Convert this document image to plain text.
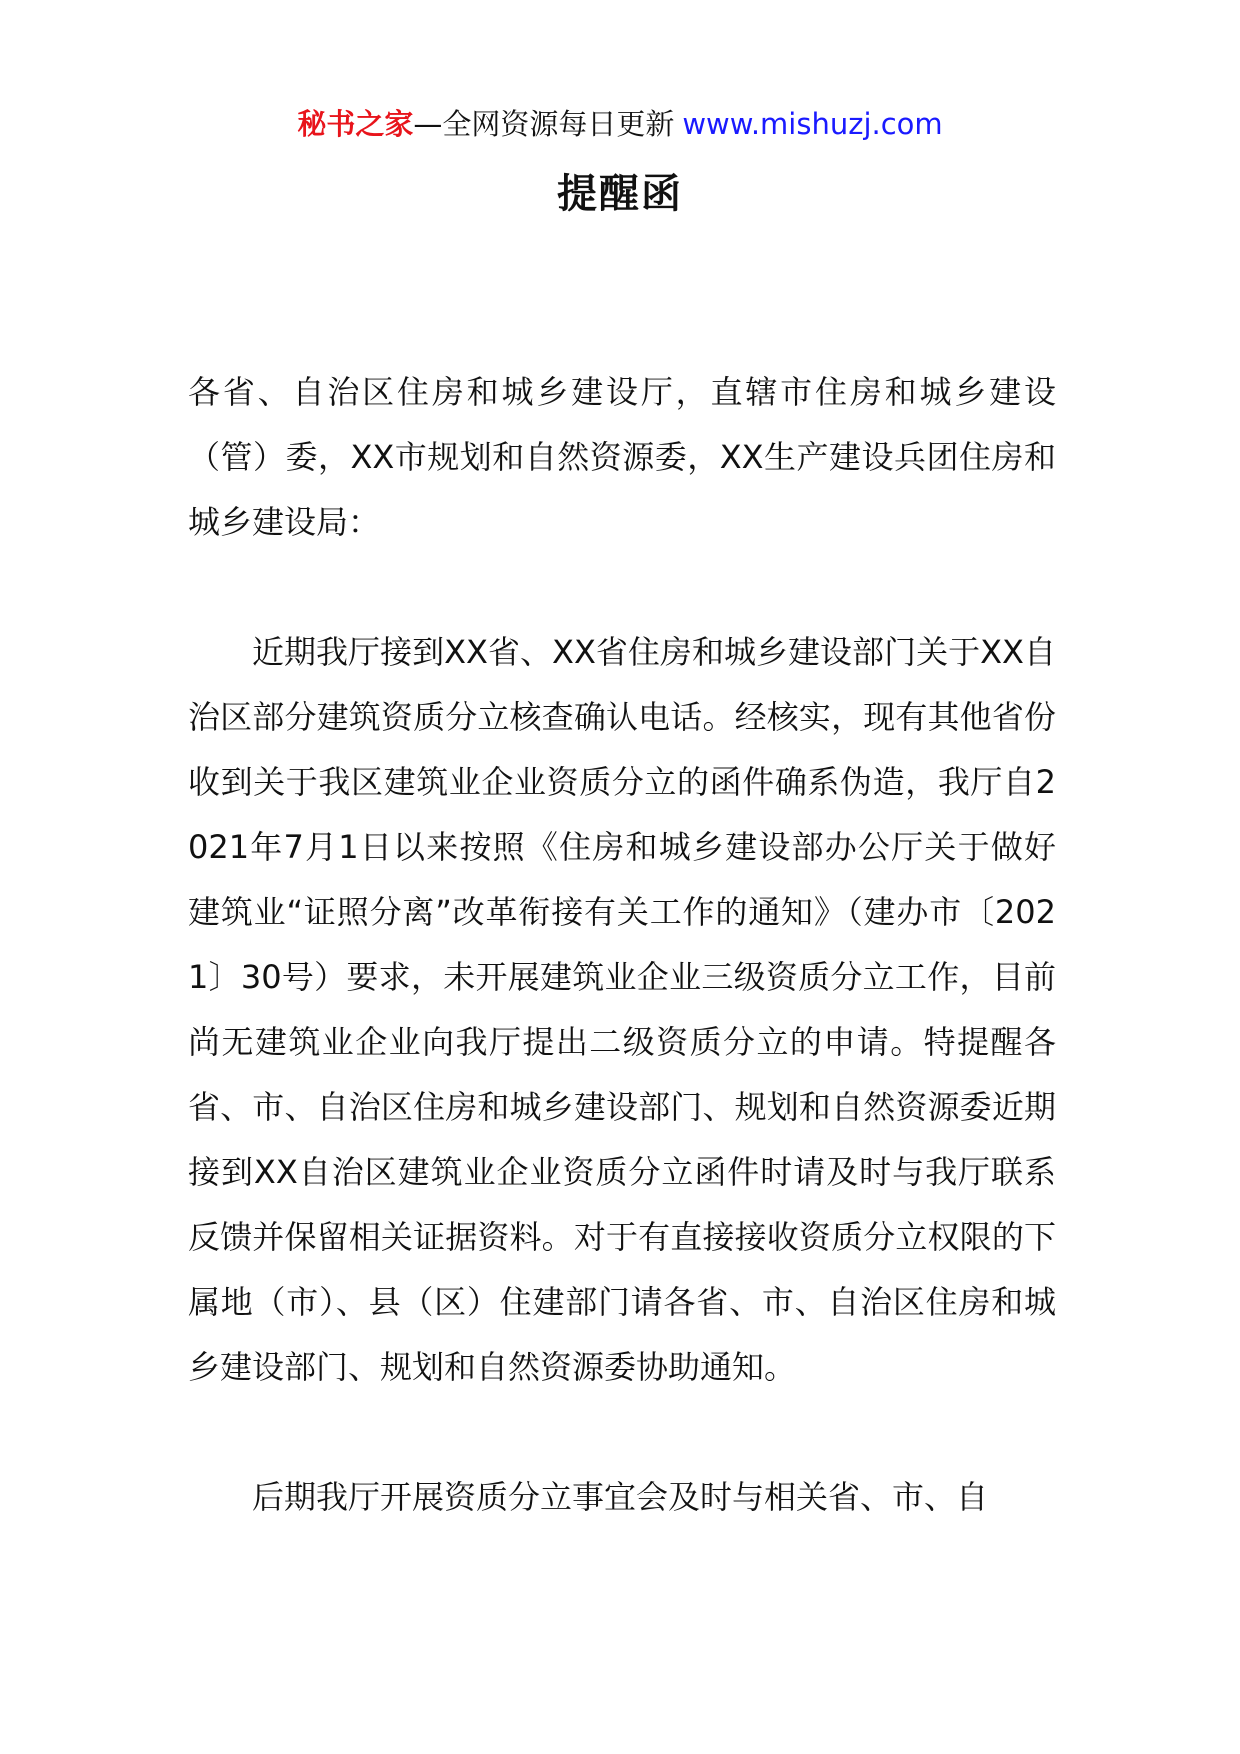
秘书之家—全网资源每日更新 www.mishuzj.com
提醒函

各省、自治区住房和城乡建设厅，直辖市住房和城乡建设（管）委，XX市规划和自然资源委，XX生产建设兵团住房和城乡建设局：

近期我厅接到XX省、XX省住房和城乡建设部门关于XX自治区部分建筑资质分立核查确认电话。经核实，现有其他省份收到关于我区建筑业企业资质分立的函件确系伪造，我厅自2021年7月1日以来按照《住房和城乡建设部办公厅关于做好建筑业“证照分离”改革衔接有关工作的通知》（建办市〔2021〕30号）要求，未开展建筑业企业三级资质分立工作，目前尚无建筑业企业向我厅提出二级资质分立的申请。特提醒各省、市、自治区住房和城乡建设部门、规划和自然资源委近期接到XX自治区建筑业企业资质分立函件时请及时与我厅联系反馈并保留相关证据资料。对于有直接接收资质分立权限的下属地（市）、县（区）住建部门请各省、市、自治区住房和城乡建设部门、规划和自然资源委协助通知。

后期我厅开展资质分立事宜会及时与相关省、市、自
